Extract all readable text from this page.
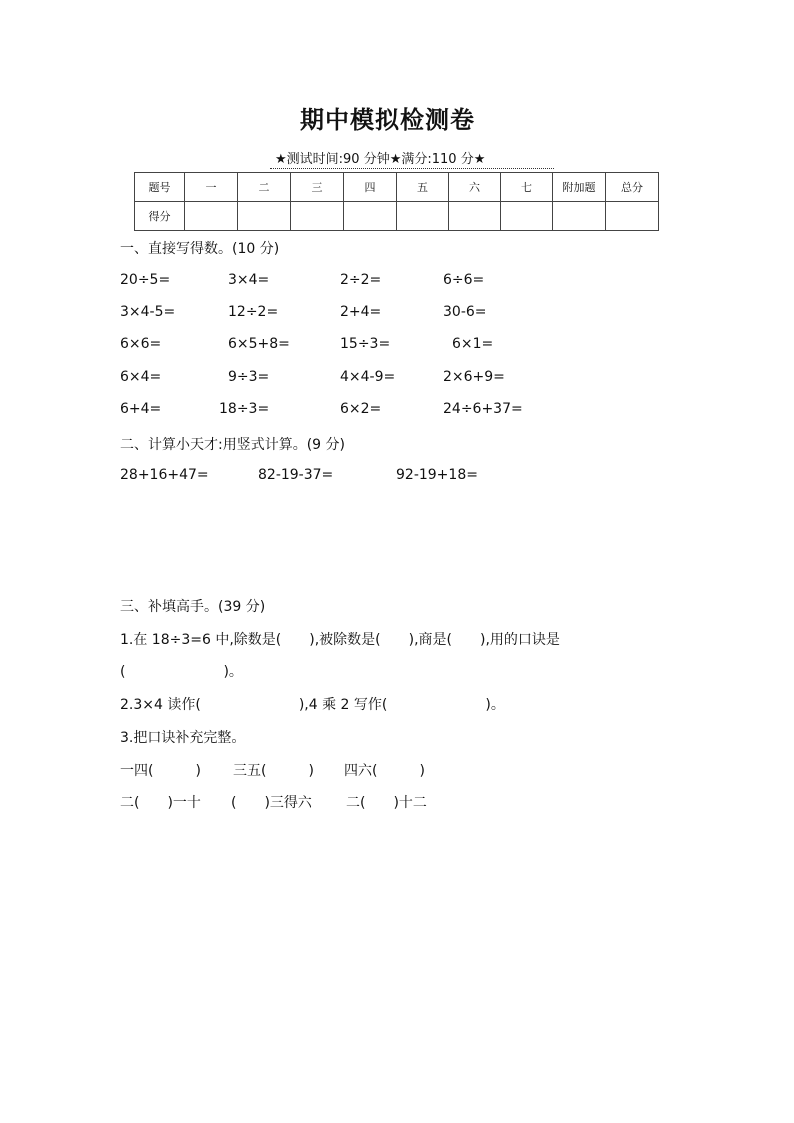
期中模拟检测卷
★测试时间:90 分钟★满分:110 分★
题号	一	二	三	四	五	六	七	附加题	总分
得分									
一、直接写得数。(10 分)
20÷5=	3×4=	2÷2=	6÷6=
3×4-5=	12÷2=	2+4=	30-6=
6×6=	6×5+8=	15÷3=	6×1=
6×4=	9÷3=	4×4-9=	2×6+9=
6+4=	18÷3=	6×2=	24÷6+37=
二、计算小天才:用竖式计算。(9 分)
28+16+47=	82-19-37=	92-19+18=
三、补填高手。(39 分)
1.在 18÷3=6 中,除数是(　　),被除数是(　　),商是(　　),用的口诀是
(　　　　　　　)。
2.3×4 读作(　　　　　　　),4 乘 2 写作(　　　　　　　)。
3.把口诀补充完整。
一四(　　　) 三五(　　　) 四六(　　　)
二(　　)一十 (　　)三得六 二(　　)十二
